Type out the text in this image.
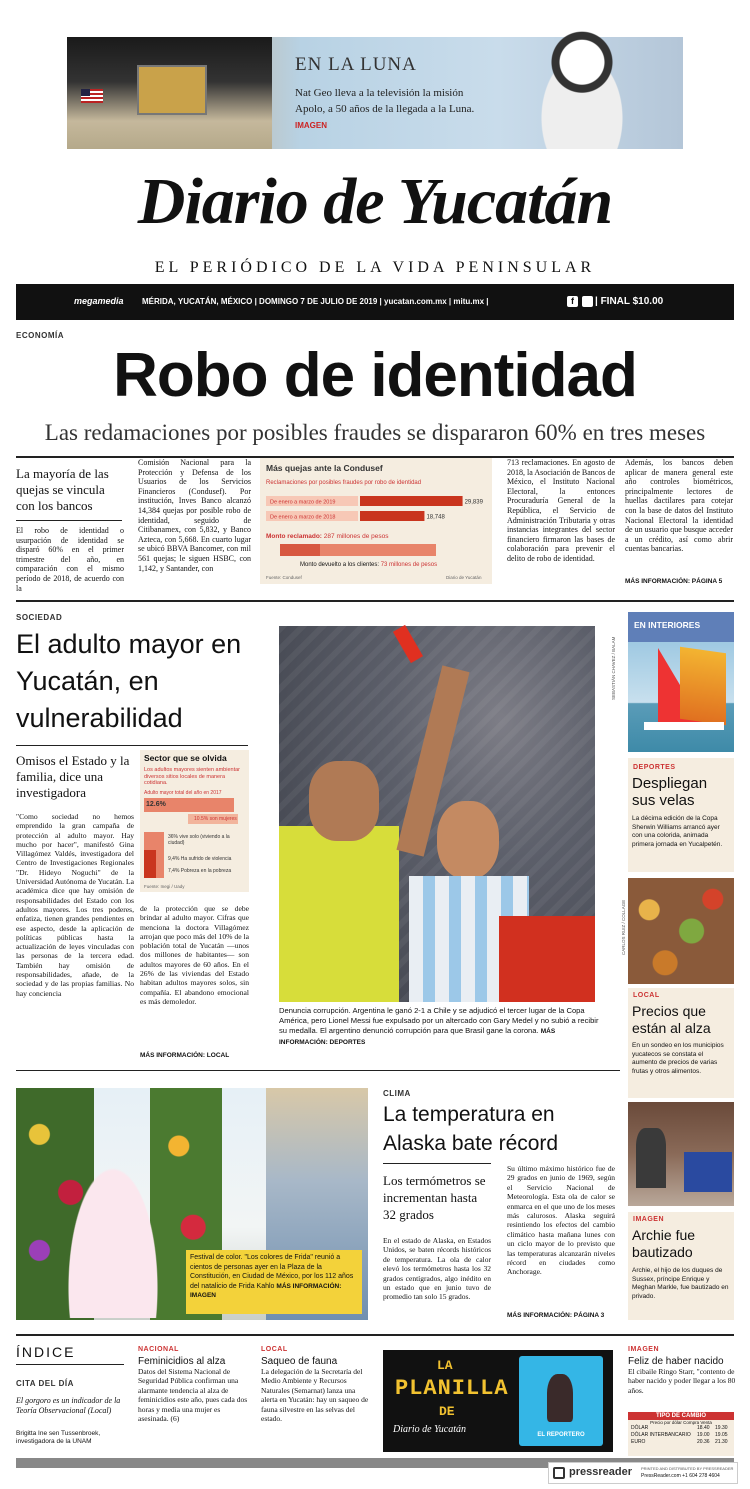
EN LA LUNA
Nat Geo lleva a la televisión la misión Apolo, a 50 años de la llegada a la Luna. IMAGEN
Diario de Yucatán
EL PERIÓDICO DE LA VIDA PENINSULAR
megamedia MÉRIDA, YUCATÁN, MÉXICO | DOMINGO 7 DE JULIO DE 2019 | yucatan.com.mx | mitu.mx |	f	| FINAL $10.00
ECONOMÍA
Robo de identidad
Las redamaciones por posibles fraudes se dispararon 60% en tres meses
La mayoría de las quejas se vincula con los bancos
El robo de identidad o usurpación de identidad se disparó 60% en el primer trimestre del año, en comparación con el mismo período de 2018, de acuerdo con la
Comisión Nacional para la Protección y Defensa de los Usuarios de los Servicios Financieros (Condusef). Por institución, Inves Banco alcanzó 14,384 quejas por posible robo de identidad, seguido de Citibanamex, con 5,832, y Banco Azteca, con 5,668. En cuarto lugar se ubicó BBVA Bancomer, con mil 561 quejas; le siguen HSBC, con 1,142, y Santander, con
Más quejas ante la Condusef
Reclamaciones por posibles fraudes por robo de identidad
De enero a marzo de 2019	29,839
De enero a marzo de 2018	18,748
Monto reclamado: 287 millones de pesos
Monto devuelto a los clientes: 73 millones de pesos
Fuente: Condusef	Diario de Yucatán
713 reclamaciones. En agosto de 2018, la Asociación de Bancos de México, el Instituto Nacional Electoral, la entonces Procuraduría General de la República, el Servicio de Administración Tributaria y otras instancias integrantes del sector financiero firmaron las bases de colaboración para prevenir el delito de robo de identidad.
Además, los bancos deben aplicar de manera general este año controles biométricos, principalmente lectores de huellas dactilares para cotejar con la base de datos del Instituto Nacional Electoral la identidad de un usuario que busque acceder a un crédito, así como abrir cuentas bancarias.
MÁS INFORMACIÓN: PÁGINA 5
SOCIEDAD
El adulto mayor en Yucatán, en vulnerabilidad
Omisos el Estado y la familia, dice una investigadora
"Como sociedad no hemos emprendido la gran campaña de protección al adulto mayor. Hay mucho por hacer", manifestó Gina Villagómez Valdés, investigadora del Centro de Investigaciones Regionales "Dr. Hideyo Noguchi" de la Universidad Autónoma de Yucatán. La académica dice que hay omisión de responsabilidades del Estado con los adultos mayores. Los tres poderes, enfatiza, tienen grandes pendientes en ese aspecto, desde la aplicación de políticas públicas hasta la actualización de leyes vinculadas con las personas de la tercera edad. También hay omisión de responsabilidades, añade, de la sociedad y de las propias familias. No hay conciencia
Sector que se olvida
Los adultos mayores sienten ambientar diversos sitios locales de manera cotidiana.
Adulto mayor total del año en 2017
12.6%
10.5% son mujeres
36% vive solo (viviendo a la ciudad)
9,4% Ha sufrido de violencia
7,4% Pobreza en la pobreza
Fuente: Inegi / Uady
de la protección que se debe brindar al adulto mayor. Cifras que menciona la doctora Villagómez arrojan que poco más del 10% de la población total de Yucatán —unos dos millones de habitantes— son adultos mayores de 60 años. En el 26% de las viviendas del Estado habitan adultos mayores solos, sin compañía. El abandono emocional es más demoledor.
MÁS INFORMACIÓN: LOCAL
Denuncia corrupción. Argentina le ganó 2-1 a Chile y se adjudicó el tercer lugar de la Copa América, pero Lionel Messi fue expulsado por un altercado con Gary Medel y no subió a recibir su medalla. El argentino denunció corrupción para que Brasil gane la corona. MÁS INFORMACIÓN: DEPORTES
EN INTERIORES
SEBASTIÁN CHAVEZ / BALAM
DEPORTES
Despliegan sus velas
La décima edición de la Copa Sherwin Williams arrancó ayer con una colorida, animada primera jornada en Yucalpetén.
CARLOS RUIZ / COLLAGE
LOCAL
Precios que están al alza
En un sondeo en los municipios yucatecos se constata el aumento de precios de varias frutas y otros alimentos.
IMAGEN
Archie fue bautizado
Archie, el hijo de los duques de Sussex, príncipe Enrique y Meghan Markle, fue bautizado en privado.
Festival de color. "Los colores de Frida" reunió a cientos de personas ayer en la Plaza de la Constitución, en Ciudad de México, por los 112 años del natalicio de Frida Kahlo MÁS INFORMACIÓN: IMAGEN
CLIMA
La temperatura en Alaska bate récord
Los termómetros se incrementan hasta 32 grados
En el estado de Alaska, en Estados Unidos, se baten récords históricos de temperatura. La ola de calor elevó los termómetros hasta los 32 grados centígrados, algo inédito en un estado que en junio tuvo de promedio tan solo 15 grados.
Su último máximo histórico fue de 29 grados en junio de 1969, según el Servicio Nacional de Meteorología. Esta ola de calor se enmarca en el que uno de los meses más calurosos. Alaska seguirá resintiendo los efectos del cambio climático hasta mañana lunes con un ciclo mayor de lo previsto que las temperaturas alcanzarán niveles récord en ciudades como Anchorage.
MÁS INFORMACIÓN: PÁGINA 3
ÍNDICE
CITA DEL DÍA
El gorgoro es un indicador de la Teoría Observacional (Local)
Brigitta Ine sen Tussenbroek, investigadora de la UNAM
NACIONAL
Feminicidios al alza
Datos del Sistema Nacional de Seguridad Pública confirman una alarmante tendencia al alza de feminicidios este año, pues cada dos horas y media una mujer es asesinada. (6)
LOCAL
Saqueo de fauna
La delegación de la Secretaría del Medio Ambiente y Recursos Naturales (Semarnat) lanza una alerta en Yucatán: hay un saqueo de fauna silvestre en las selvas del estado.
LA
PLANILLA
DE
Diario de Yucatán	EL REPORTERO
IMAGEN
Feliz de haber nacido
El cibaile Ringo Starr, "contento de haber nacido y poder llegar a los 80 años.
TIPO DE CAMBIO
Precio por dólar Compra Venta
DÓLAR	18.40	19.30
DÓLAR INTERBANCARIO	19.00	19.05
EURO	20.36	21.30
pressreader PRINTED AND DISTRIBUTED BY PRESSREADER
PressReader.com +1 604 278 4604
